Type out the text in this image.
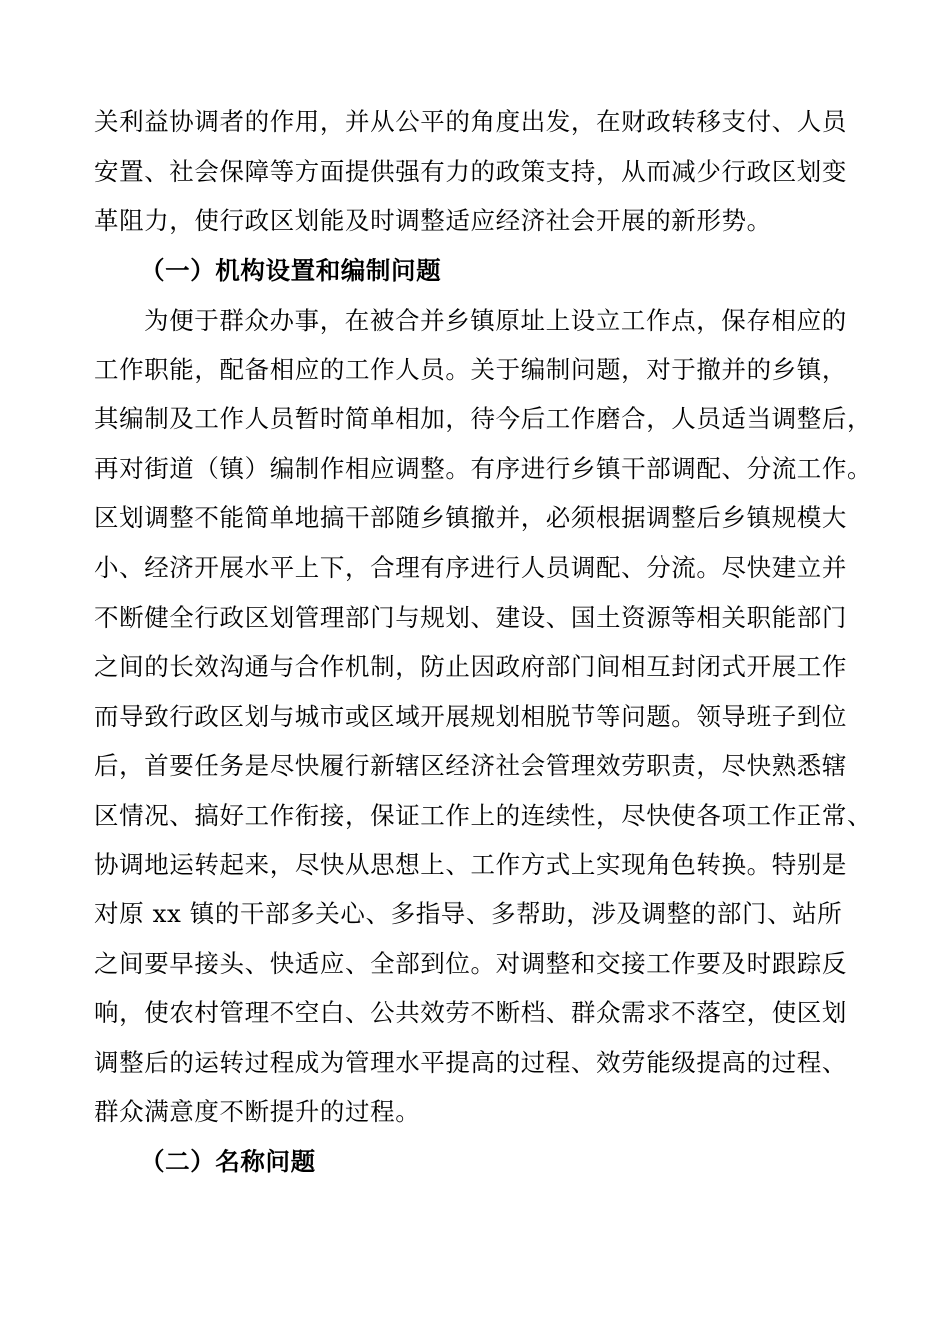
关利益协调者的作用，并从公平的角度出发，在财政转移支付、人员
安置、社会保障等方面提供强有力的政策支持，从而减少行政区划变
革阻力，使行政区划能及时调整适应经济社会开展的新形势。
（一）机构设置和编制问题
为便于群众办事，在被合并乡镇原址上设立工作点，保存相应的
工作职能，配备相应的工作人员。关于编制问题，对于撤并的乡镇，
其编制及工作人员暂时简单相加，待今后工作磨合，人员适当调整后，
再对街道（镇）编制作相应调整。有序进行乡镇干部调配、分流工作。
区划调整不能简单地搞干部随乡镇撤并，必须根据调整后乡镇规模大
小、经济开展水平上下，合理有序进行人员调配、分流。尽快建立并
不断健全行政区划管理部门与规划、建设、国土资源等相关职能部门
之间的长效沟通与合作机制，防止因政府部门间相互封闭式开展工作
而导致行政区划与城市或区域开展规划相脱节等问题。领导班子到位
后，首要任务是尽快履行新辖区经济社会管理效劳职责，尽快熟悉辖
区情况、搞好工作衔接，保证工作上的连续性，尽快使各项工作正常、
协调地运转起来，尽快从思想上、工作方式上实现角色转换。特别是
对原 xx 镇的干部多关心、多指导、多帮助，涉及调整的部门、站所
之间要早接头、快适应、全部到位。对调整和交接工作要及时跟踪反
响，使农村管理不空白、公共效劳不断档、群众需求不落空，使区划
调整后的运转过程成为管理水平提高的过程、效劳能级提高的过程、
群众满意度不断提升的过程。
（二）名称问题
